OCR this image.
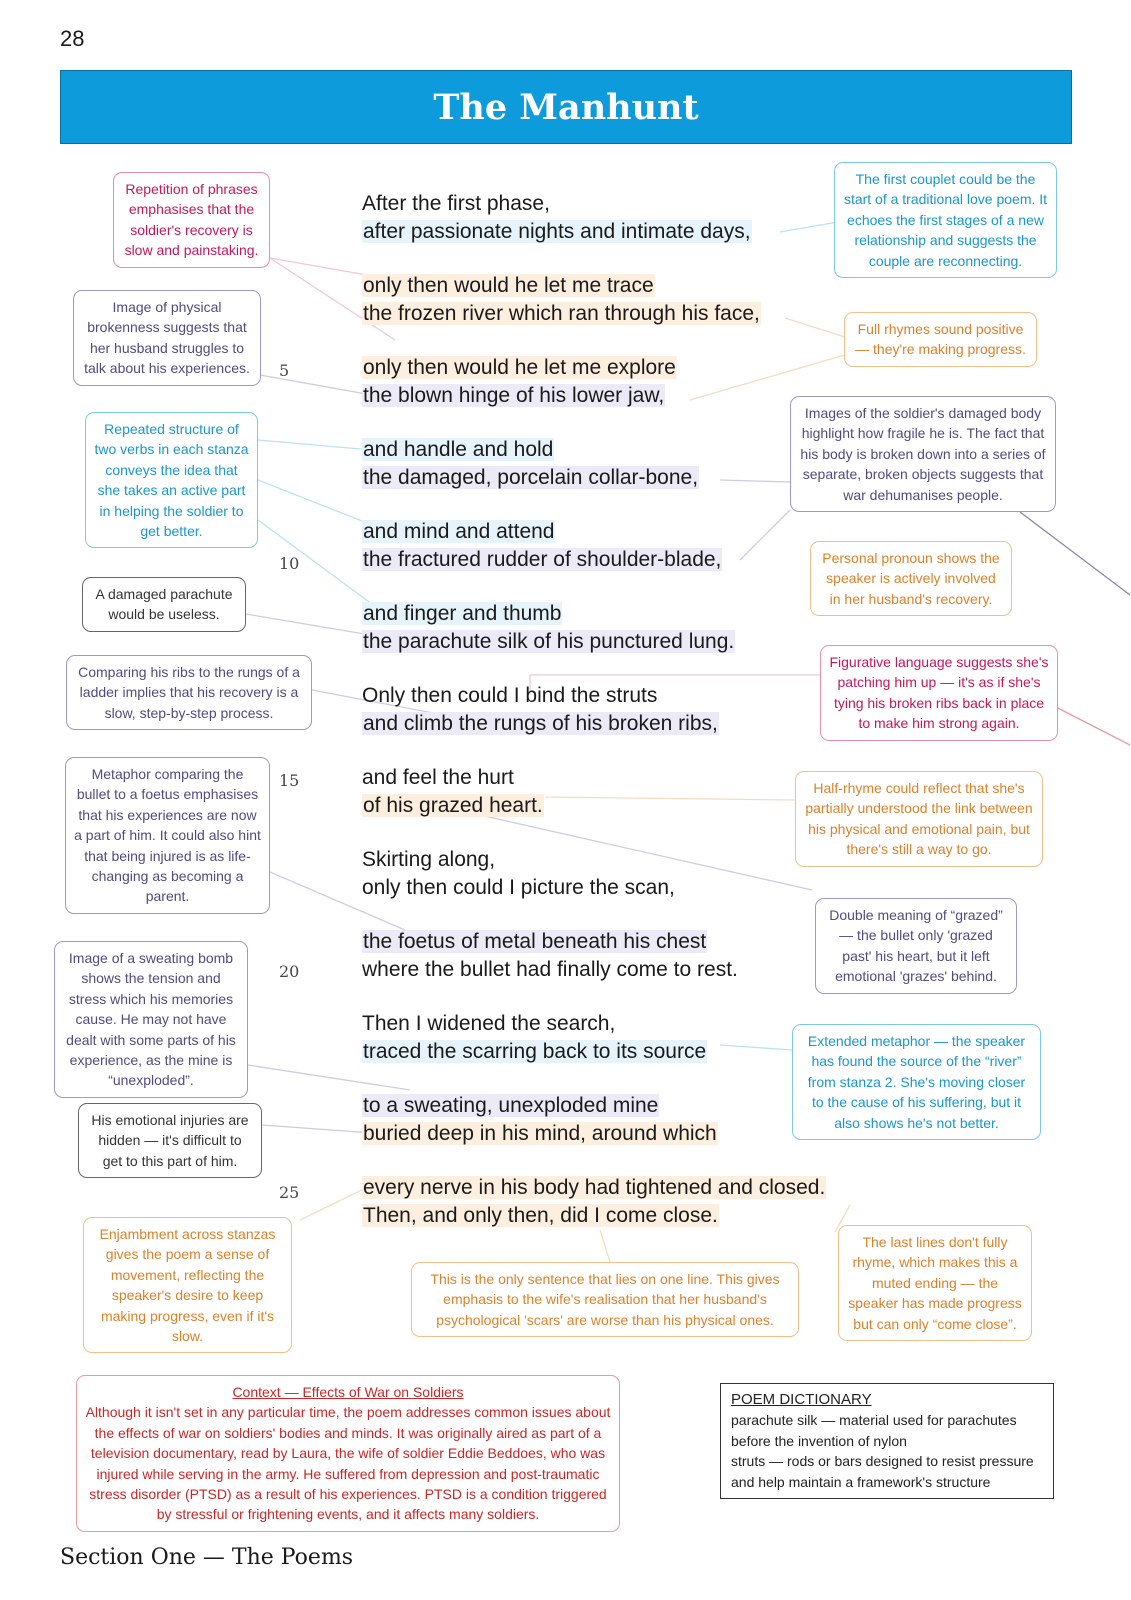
28
The Manhunt
After the first phase,
after passionate nights and intimate days,
only then would he let me trace
the frozen river which ran through his face,
only then would he let me explore
the blown hinge of his lower jaw,
and handle and hold
the damaged, porcelain collar-bone,
and mind and attend
the fractured rudder of shoulder-blade,
and finger and thumb
the parachute silk of his punctured lung.
Only then could I bind the struts
and climb the rungs of his broken ribs,
and feel the hurt
of his grazed heart.
Skirting along,
only then could I picture the scan,
the foetus of metal beneath his chest
where the bullet had finally come to rest.
Then I widened the search,
traced the scarring back to its source
to a sweating, unexploded mine
buried deep in his mind, around which
every nerve in his body had tightened and closed.
Then, and only then, did I come close.
5
10
15
20
25
Repetition of phrases emphasises that the soldier's recovery is slow and painstaking.
Image of physical brokenness suggests that her husband struggles to talk about his experiences.
Repeated structure of two verbs in each stanza conveys the idea that she takes an active part in helping the soldier to get better.
A damaged parachute would be useless.
Comparing his ribs to the rungs of a ladder implies that his recovery is a slow, step-by-step process.
Metaphor comparing the bullet to a foetus emphasises that his experiences are now a part of him. It could also hint that being injured is as life-changing as becoming a parent.
Image of a sweating bomb shows the tension and stress which his memories cause. He may not have dealt with some parts of his experience, as the mine is “unexploded”.
His emotional injuries are hidden — it's difficult to get to this part of him.
Enjambment across stanzas gives the poem a sense of movement, reflecting the speaker's desire to keep making progress, even if it's slow.
The first couplet could be the start of a traditional love poem. It echoes the first stages of a new relationship and suggests the couple are reconnecting.
Full rhymes sound positive — they're making progress.
Images of the soldier's damaged body highlight how fragile he is. The fact that his body is broken down into a series of separate, broken objects suggests that war dehumanises people.
Personal pronoun shows the speaker is actively involved in her husband's recovery.
Figurative language suggests she's patching him up — it's as if she's tying his broken ribs back in place to make him strong again.
Half-rhyme could reflect that she's partially understood the link between his physical and emotional pain, but there's still a way to go.
Double meaning of “grazed” — the bullet only 'grazed past' his heart, but it left emotional 'grazes' behind.
Extended metaphor — the speaker has found the source of the “river” from stanza 2. She's moving closer to the cause of his suffering, but it also shows he's not better.
This is the only sentence that lies on one line. This gives emphasis to the wife's realisation that her husband's psychological 'scars' are worse than his physical ones.
The last lines don't fully rhyme, which makes this a muted ending — the speaker has made progress but can only “come close”.
Context — Effects of War on Soldiers
Although it isn't set in any particular time, the poem addresses common issues about the effects of war on soldiers' bodies and minds. It was originally aired as part of a television documentary, read by Laura, the wife of soldier Eddie Beddoes, who was injured while serving in the army. He suffered from depression and post-traumatic stress disorder (PTSD) as a result of his experiences. PTSD is a condition triggered by stressful or frightening events, and it affects many soldiers.
POEM DICTIONARY
parachute silk — material used for parachutes before the invention of nylon
struts — rods or bars designed to resist pressure and help maintain a framework's structure
Section One — The Poems
